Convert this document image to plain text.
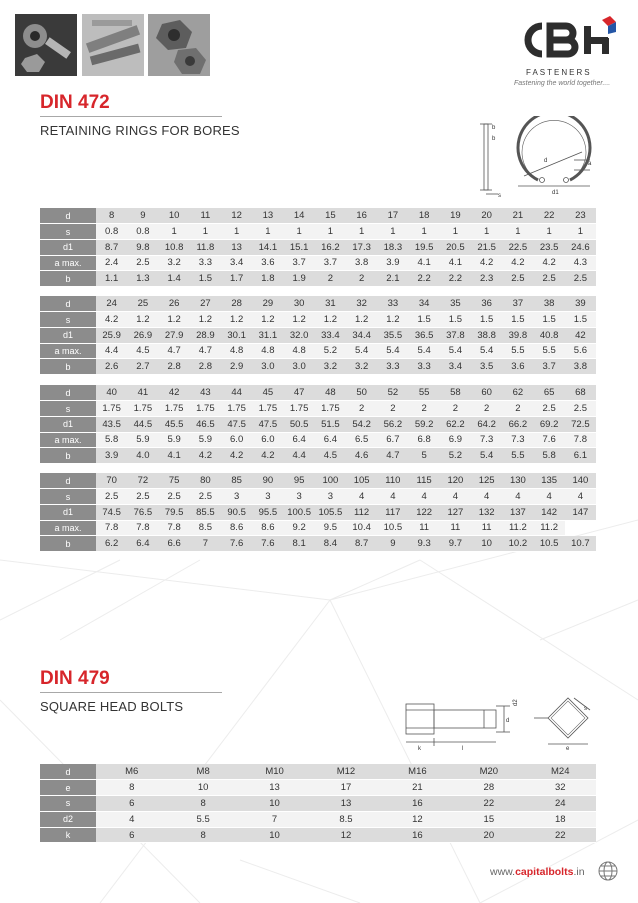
FASTENERS
Fastening the world together....
DIN 472
RETAINING RINGS FOR BORES	b
b
s
d
d1
a
d	8	9	10	11	12	13	14	15	16	17	18	19	20	21	22	23
s	0.8	0.8	1	1	1	1	1	1	1	1	1	1	1	1	1	1
d1	8.7	9.8	10.8	11.8	13	14.1	15.1	16.2	17.3	18.3	19.5	20.5	21.5	22.5	23.5	24.6
a max.	2.4	2.5	3.2	3.3	3.4	3.6	3.7	3.7	3.8	3.9	4.1	4.1	4.2	4.2	4.2	4.3
b	1.1	1.3	1.4	1.5	1.7	1.8	1.9	2	2	2.1	2.2	2.2	2.3	2.5	2.5	2.5
d	24	25	26	27	28	29	30	31	32	33	34	35	36	37	38	39
s	4.2	1.2	1.2	1.2	1.2	1.2	1.2	1.2	1.2	1.2	1.5	1.5	1.5	1.5	1.5	1.5
d1	25.9	26.9	27.9	28.9	30.1	31.1	32.0	33.4	34.4	35.5	36.5	37.8	38.8	39.8	40.8	42
a max.	4.4	4.5	4.7	4.7	4.8	4.8	4.8	5.2	5.4	5.4	5.4	5.4	5.4	5.5	5.5	5.6
b	2.6	2.7	2.8	2.8	2.9	3.0	3.0	3.2	3.2	3.3	3.3	3.4	3.5	3.6	3.7	3.8
d	40	41	42	43	44	45	47	48	50	52	55	58	60	62	65	68
s	1.75	1.75	1.75	1.75	1.75	1.75	1.75	1.75	2	2	2	2	2	2	2.5	2.5
d1	43.5	44.5	45.5	46.5	47.5	47.5	50.5	51.5	54.2	56.2	59.2	62.2	64.2	66.2	69.2	72.5
a max.	5.8	5.9	5.9	5.9	6.0	6.0	6.4	6.4	6.5	6.7	6.8	6.9	7.3	7.3	7.6	7.8
b	3.9	4.0	4.1	4.2	4.2	4.2	4.4	4.5	4.6	4.7	5	5.2	5.4	5.5	5.8	6.1
d	70	72	75	80	85	90	95	100	105	110	115	120	125	130	135	140
s	2.5	2.5	2.5	2.5	3	3	3	3	4	4	4	4	4	4	4	4
d1	74.5	76.5	79.5	85.5	90.5	95.5	100.5	105.5	112	117	122	127	132	137	142	147
a max.	7.8	7.8	7.8	8.5	8.6	8.6	9.2	9.5	10.4	10.5	11	11	11	11.2	11.2	
b	6.2	6.4	6.6	7	7.6	7.6	8.1	8.4	8.7	9	9.3	9.7	10	10.2	10.5	10.7
DIN 479
SQUARE HEAD BOLTS	d2
k	l
d
s
e
d	M6	M8	M10	M12	M16	M20	M24
e	8	10	13	17	21	28	32
s	6	8	10	13	16	22	24
d2	4	5.5	7	8.5	12	15	18
k	6	8	10	12	16	20	22
www.capitalbolts.in
